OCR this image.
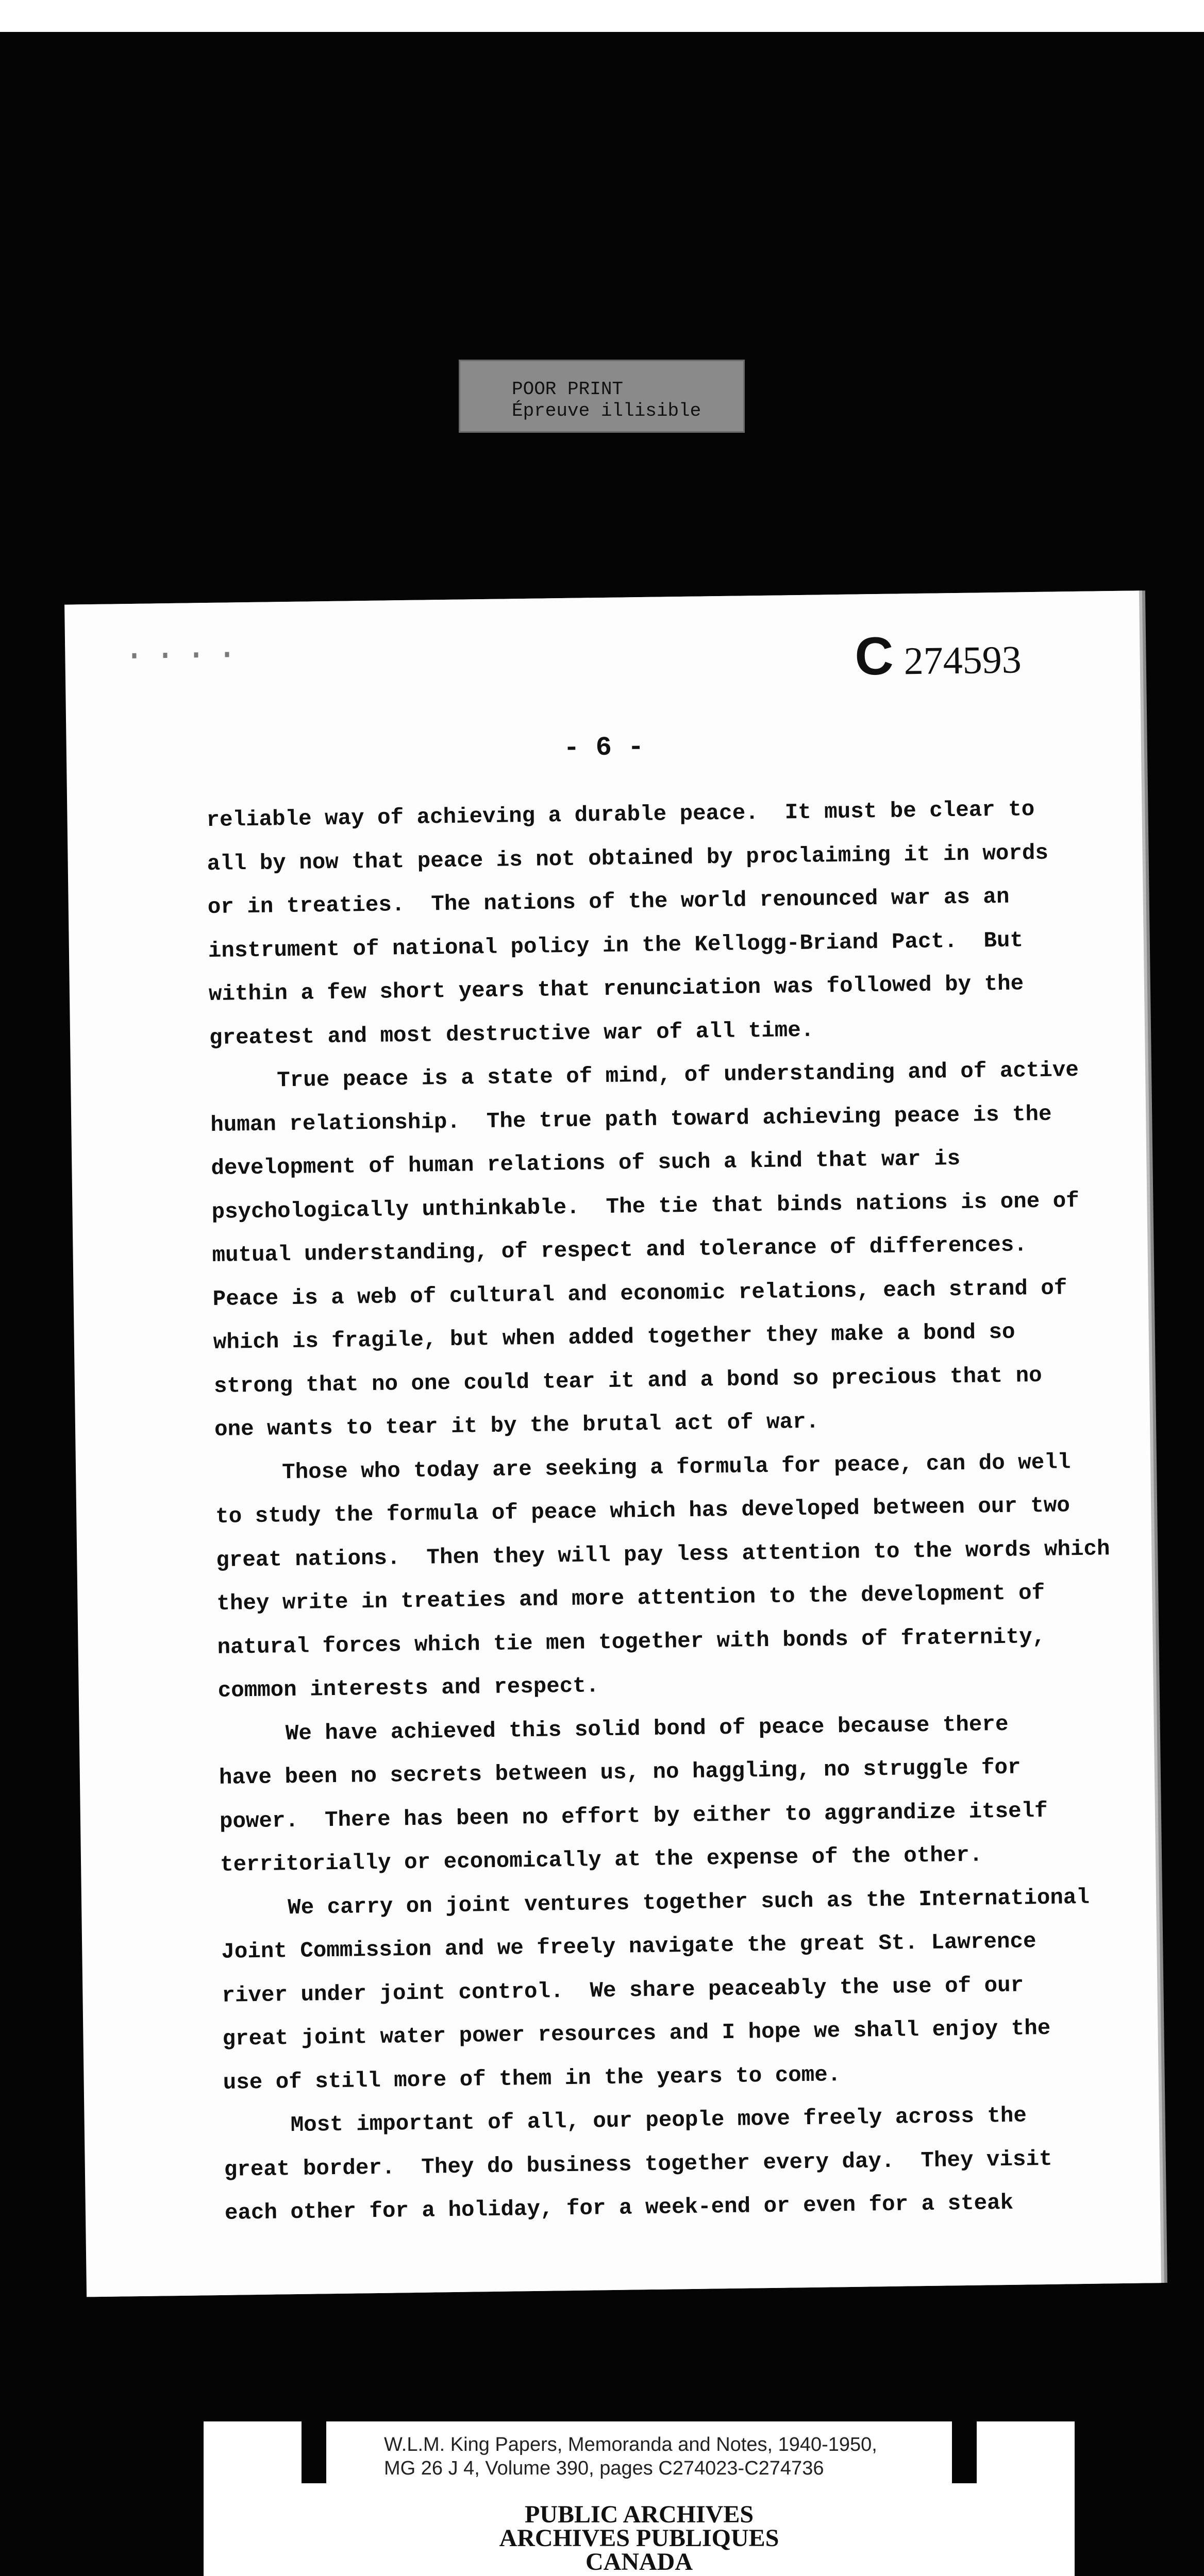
POOR PRINT
Épreuve illisible
C 274593
- 6 -

reliable way of achieving a durable peace.  It must be clear to

all by now that peace is not obtained by proclaiming it in words

or in treaties.  The nations of the world renounced war as an

instrument of national policy in the Kellogg-Briand Pact.  But

within a few short years that renunciation was followed by the

greatest and most destructive war of all time.

True peace is a state of mind, of understanding and of active

human relationship.  The true path toward achieving peace is the

development of human relations of such a kind that war is

psychologically unthinkable.  The tie that binds nations is one of

mutual understanding, of respect and tolerance of differences.

Peace is a web of cultural and economic relations, each strand of

which is fragile, but when added together they make a bond so

strong that no one could tear it and a bond so precious that no

one wants to tear it by the brutal act of war.

Those who today are seeking a formula for peace, can do well

to study the formula of peace which has developed between our two

great nations.  Then they will pay less attention to the words which

they write in treaties and more attention to the development of

natural forces which tie men together with bonds of fraternity,

common interests and respect.

We have achieved this solid bond of peace because there

have been no secrets between us, no haggling, no struggle for

power.  There has been no effort by either to aggrandize itself

territorially or economically at the expense of the other.

We carry on joint ventures together such as the International

Joint Commission and we freely navigate the great St. Lawrence

river under joint control.  We share peaceably the use of our

great joint water power resources and I hope we shall enjoy the

use of still more of them in the years to come.

Most important of all, our people move freely across the

great border.  They do business together every day.  They visit

each other for a holiday, for a week-end or even for a steak

W.L.M. King Papers, Memoranda and Notes, 1940-1950,
MG 26 J 4, Volume 390, pages C274023-C274736
PUBLIC ARCHIVES
ARCHIVES PUBLIQUES
CANADA
